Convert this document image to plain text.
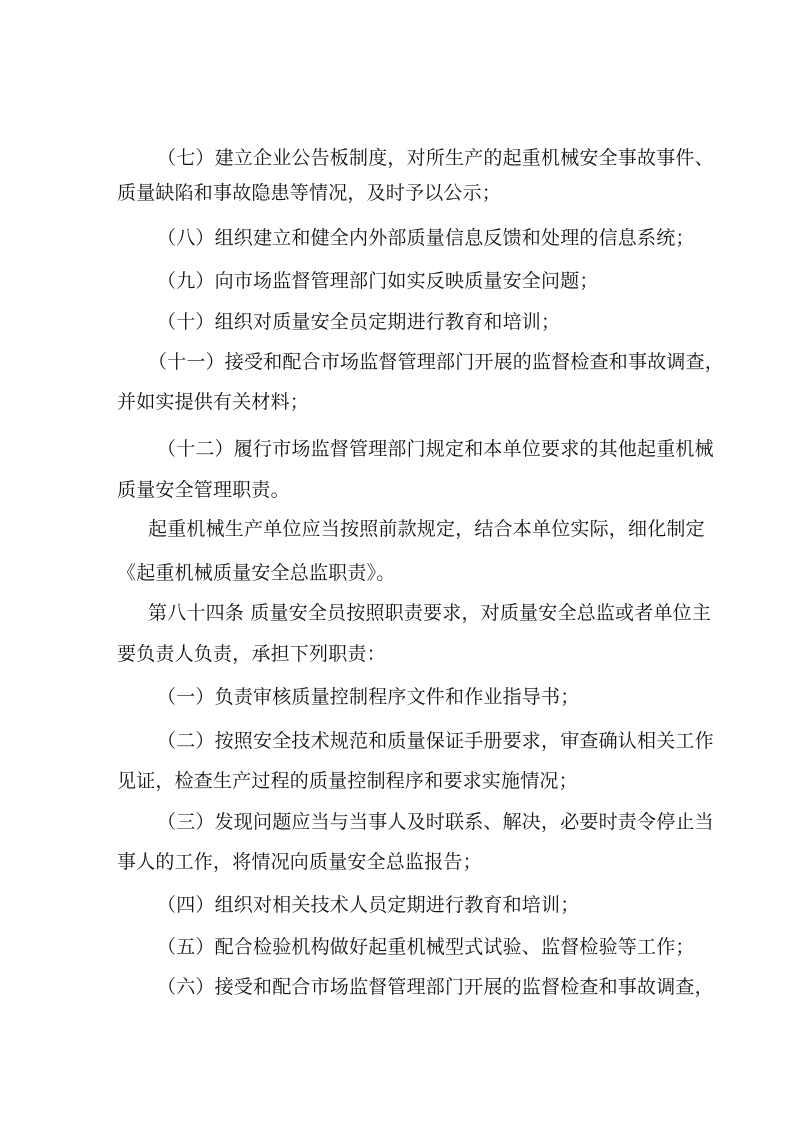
（七）建立企业公告板制度，对所生产的起重机械安全事故事件、
质量缺陷和事故隐患等情况，及时予以公示；
（八）组织建立和健全内外部质量信息反馈和处理的信息系统；
（九）向市场监督管理部门如实反映质量安全问题；
（十）组织对质量安全员定期进行教育和培训；
（十一）接受和配合市场监督管理部门开展的监督检查和事故调查，
并如实提供有关材料；
（十二）履行市场监督管理部门规定和本单位要求的其他起重机械
质量安全管理职责。
起重机械生产单位应当按照前款规定，结合本单位实际，细化制定
《起重机械质量安全总监职责》。
第八十四条 质量安全员按照职责要求，对质量安全总监或者单位主
要负责人负责，承担下列职责：
（一）负责审核质量控制程序文件和作业指导书；
（二）按照安全技术规范和质量保证手册要求，审查确认相关工作
见证，检查生产过程的质量控制程序和要求实施情况；
（三）发现问题应当与当事人及时联系、解决，必要时责令停止当
事人的工作，将情况向质量安全总监报告；
（四）组织对相关技术人员定期进行教育和培训；
（五）配合检验机构做好起重机械型式试验、监督检验等工作；
（六）接受和配合市场监督管理部门开展的监督检查和事故调查，
